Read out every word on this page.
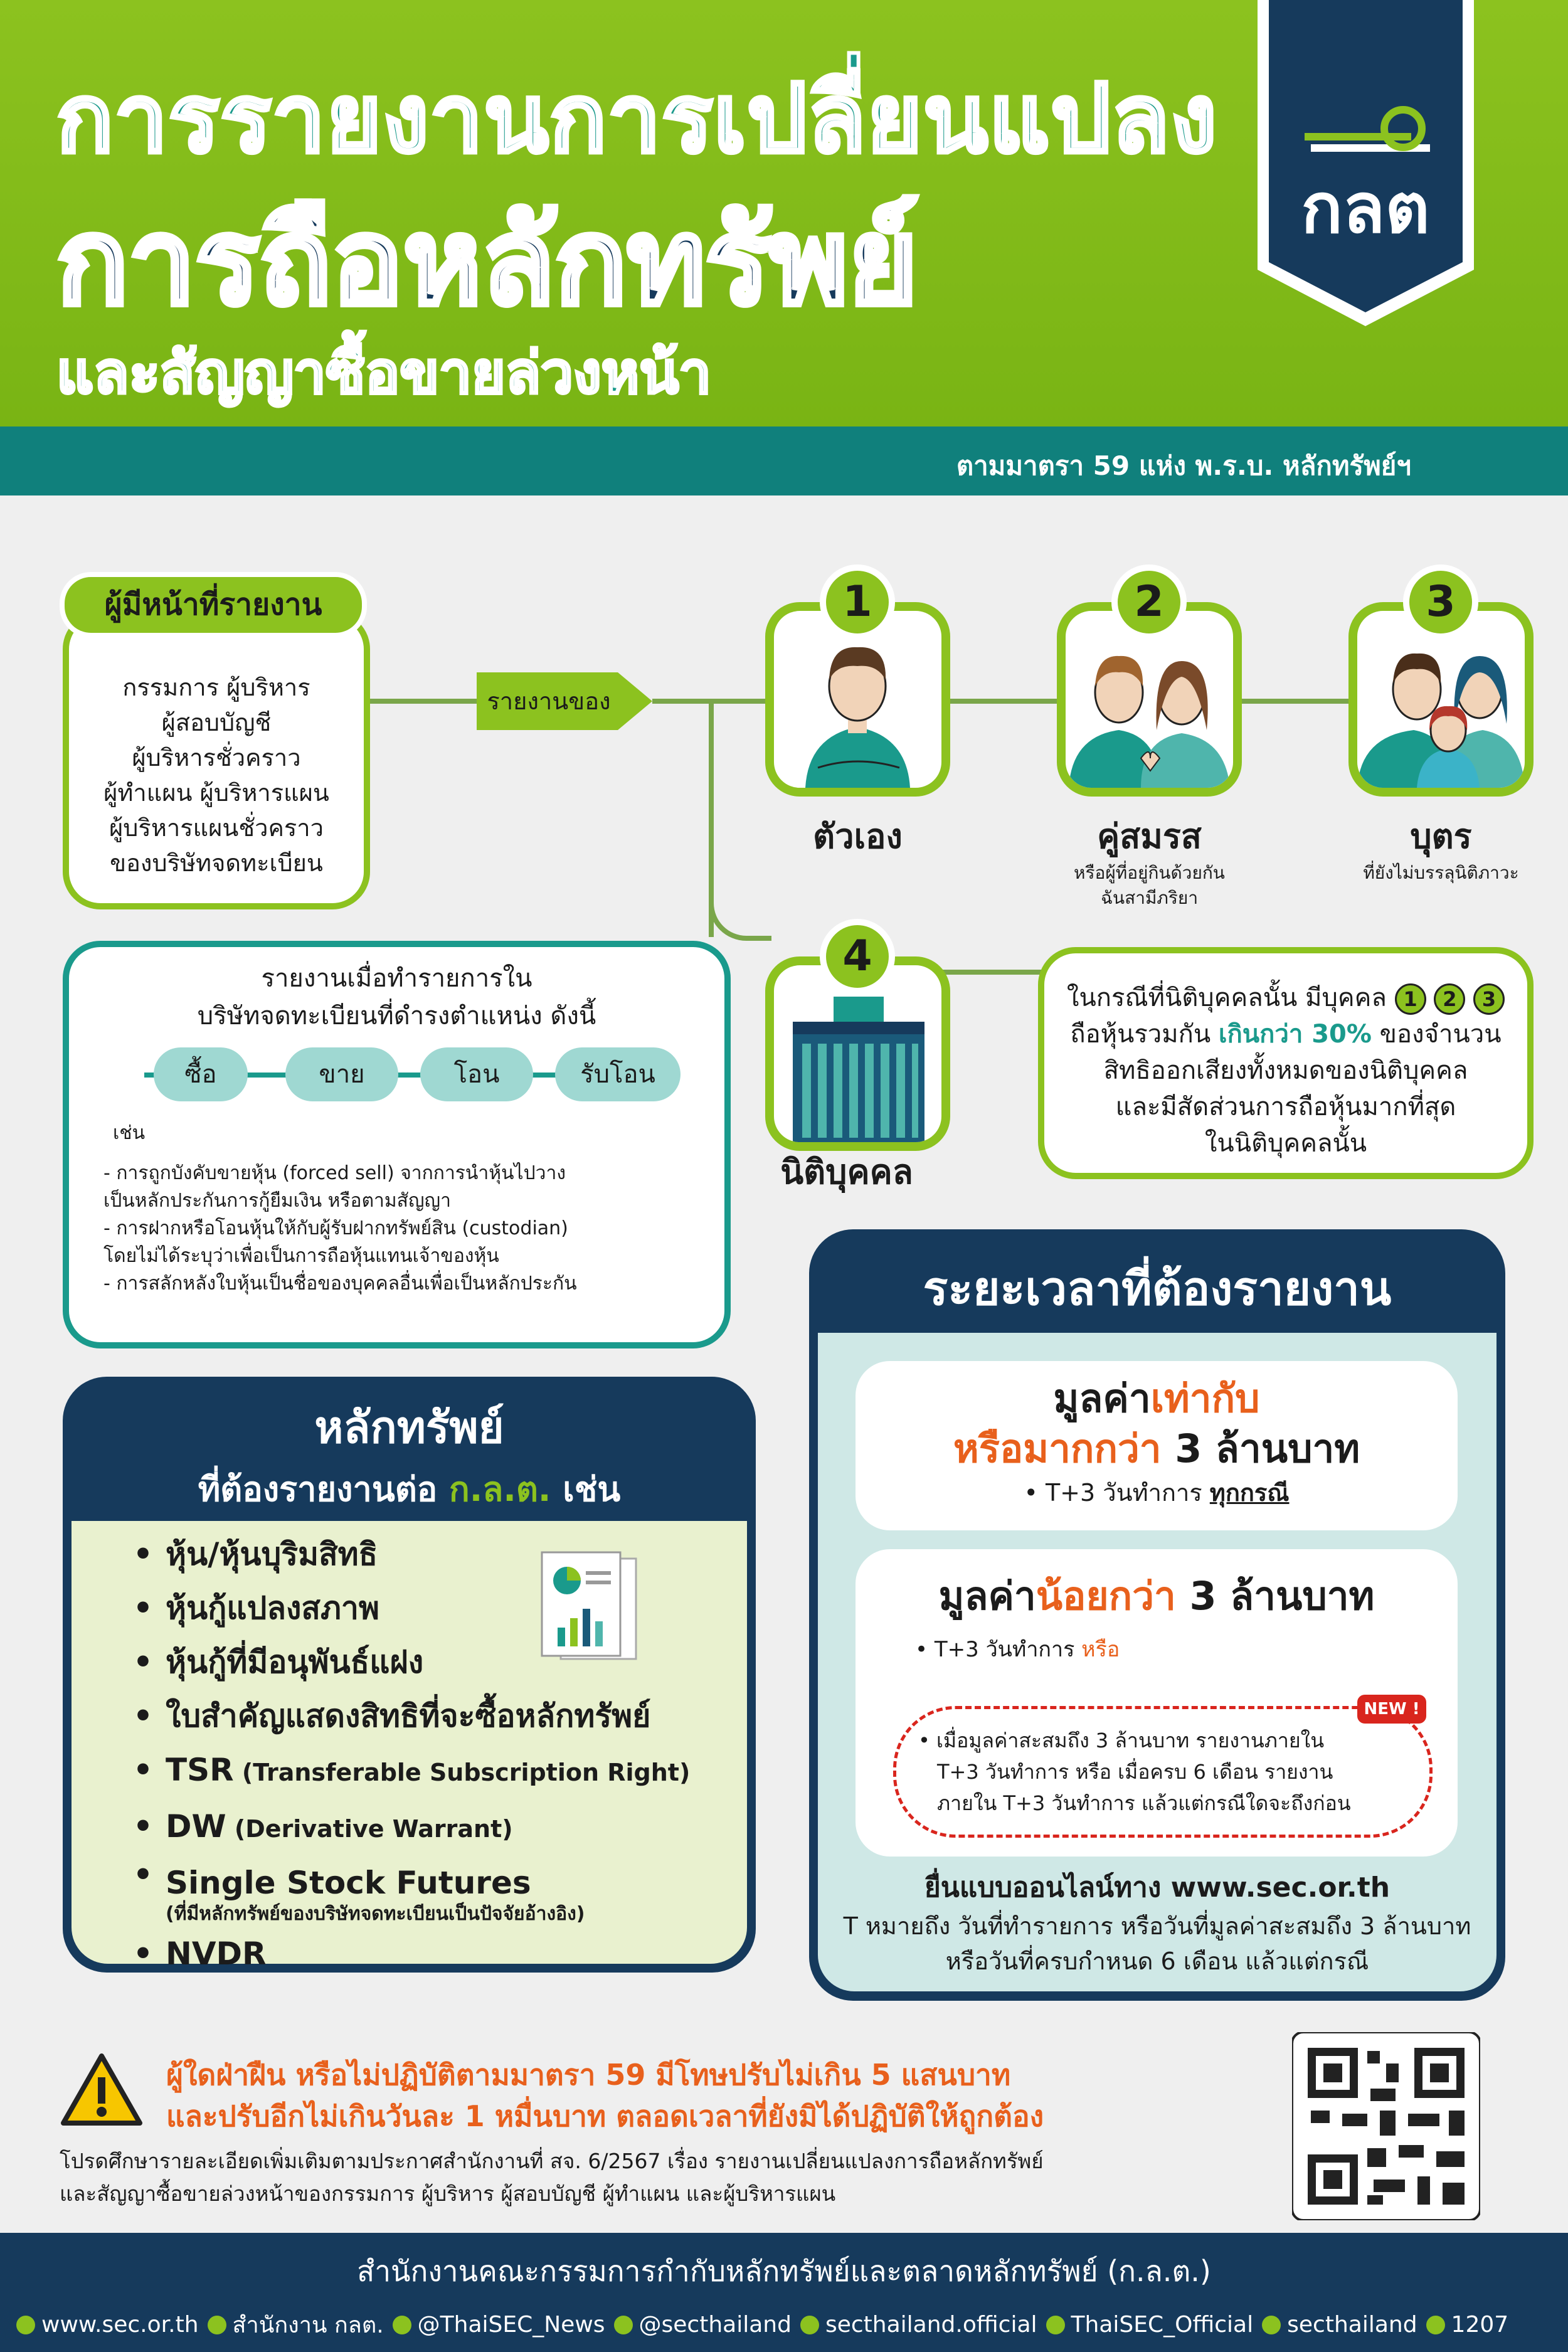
การรายงานการเปลี่ยนแปลง
การถือหลักทรัพย์
และสัญญาซื้อขายล่วงหน้า
ตามมาตรา 59 แห่ง พ.ร.บ. หลักทรัพย์ฯ
กลต
รายงานของ
ผู้มีหน้าที่รายงาน
กรรมการ ผู้บริหาร
ผู้สอบบัญชี
ผู้บริหารชั่วคราว
ผู้ทำแผน ผู้บริหารแผน
ผู้บริหารแผนชั่วคราว
ของบริษัทจดทะเบียน
1
ตัวเอง
2
คู่สมรส
หรือผู้ที่อยู่กินด้วยกัน
ฉันสามีภริยา
3
บุตร
ที่ยังไม่บรรลุนิติภาวะ
4
นิติบุคคล
ในกรณีที่นิติบุคคลนั้น มีบุคคล 1 2 3
ถือหุ้นรวมกัน เกินกว่า 30% ของจำนวน
สิทธิออกเสียงทั้งหมดของนิติบุคคล
และมีสัดส่วนการถือหุ้นมากที่สุด
ในนิติบุคคลนั้น
รายงานเมื่อทำรายการใน
บริษัทจดทะเบียนที่ดำรงตำแหน่ง ดังนี้
ซื้อ	ขาย	โอน	รับโอน
เช่น
- การถูกบังคับขายหุ้น (forced sell) จากการนำหุ้นไปวาง
เป็นหลักประกันการกู้ยืมเงิน หรือตามสัญญา
- การฝากหรือโอนหุ้นให้กับผู้รับฝากทรัพย์สิน (custodian)
โดยไม่ได้ระบุว่าเพื่อเป็นการถือหุ้นแทนเจ้าของหุ้น
- การสลักหลังใบหุ้นเป็นชื่อของบุคคลอื่นเพื่อเป็นหลักประกัน
หลักทรัพย์
ที่ต้องรายงานต่อ ก.ล.ต. เช่น
• หุ้น/หุ้นบุริมสิทธิ
• หุ้นกู้แปลงสภาพ
• หุ้นกู้ที่มีอนุพันธ์แฝง
• ใบสำคัญแสดงสิทธิที่จะซื้อหลักทรัพย์
• TSR (Transferable Subscription Right)
• DW (Derivative Warrant)
• Single Stock Futures
(ที่มีหลักทรัพย์ของบริษัทจดทะเบียนเป็นปัจจัยอ้างอิง)
• NVDR
ระยะเวลาที่ต้องรายงาน
มูลค่าเท่ากับ
หรือมากกว่า 3 ล้านบาท
• T+3 วันทำการ ทุกกรณี
มูลค่าน้อยกว่า 3 ล้านบาท
• T+3 วันทำการ หรือ
NEW !
• เมื่อมูลค่าสะสมถึง 3 ล้านบาท รายงานภายใน
T+3 วันทำการ หรือ เมื่อครบ 6 เดือน รายงาน
ภายใน T+3 วันทำการ แล้วแต่กรณีใดจะถึงก่อน
ยื่นแบบออนไลน์ทาง www.sec.or.th
T หมายถึง วันที่ทำรายการ หรือวันที่มูลค่าสะสมถึง 3 ล้านบาท
หรือวันที่ครบกำหนด 6 เดือน แล้วแต่กรณี
ผู้ใดฝ่าฝืน หรือไม่ปฏิบัติตามมาตรา 59 มีโทษปรับไม่เกิน 5 แสนบาท
และปรับอีกไม่เกินวันละ 1 หมื่นบาท ตลอดเวลาที่ยังมิได้ปฏิบัติให้ถูกต้อง
โปรดศึกษารายละเอียดเพิ่มเติมตามประกาศสำนักงานที่ สจ. 6/2567 เรื่อง รายงานเปลี่ยนแปลงการถือหลักทรัพย์
และสัญญาซื้อขายล่วงหน้าของกรรมการ ผู้บริหาร ผู้สอบบัญชี ผู้ทำแผน และผู้บริหารแผน
สำนักงานคณะกรรมการกำกับหลักทรัพย์และตลาดหลักทรัพย์ (ก.ล.ต.)
www.sec.or.th สำนักงาน กลต. @ThaiSEC_News @secthailand secthailand.official ThaiSEC_Official secthailand 1207
